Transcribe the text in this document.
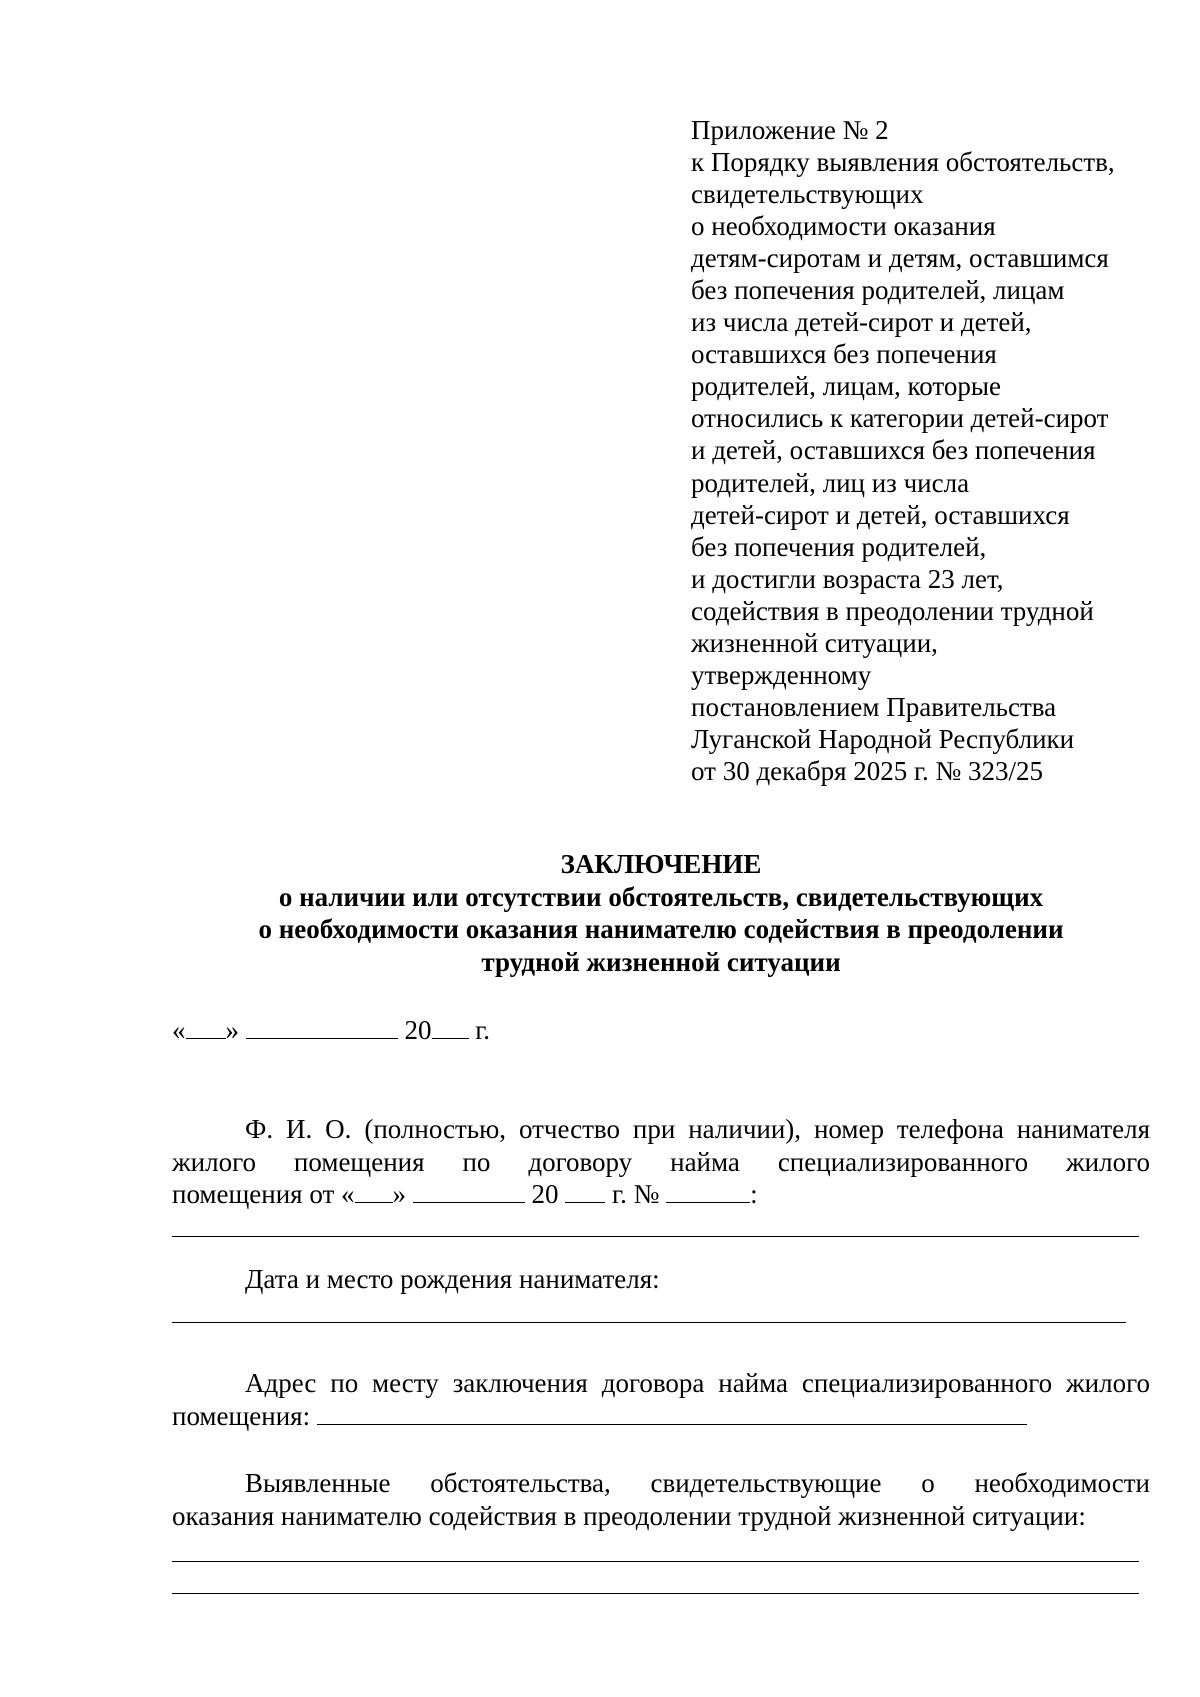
Приложение № 2
к Порядку выявления обстоятельств,
свидетельствующих
о необходимости оказания
детям-сиротам и детям, оставшимся
без попечения родителей, лицам
из числа детей-сирот и детей,
оставшихся без попечения
родителей, лицам, которые
относились к категории детей-сирот
и детей, оставшихся без попечения
родителей, лиц из числа
детей-сирот и детей, оставшихся
без попечения родителей,
и достигли возраста 23 лет,
содействия в преодолении трудной
жизненной ситуации,
утвержденному
постановлением Правительства
Луганской Народной Республики
от 30 декабря 2025 г. № 323/25
ЗАКЛЮЧЕНИЕ
о наличии или отсутствии обстоятельств, свидетельствующих
о необходимости оказания нанимателю содействия в преодолении
трудной жизненной ситуации
« »	20 г.
Ф. И. О. (полностью, отчество при наличии), номер телефона нанимателя
жилого помещения по договору найма специализированного жилого
помещения от « »	20 г. №	:
Дата и место рождения нанимателя:
Адрес по месту заключения договора найма специализированного жилого
помещения:
Выявленные обстоятельства, свидетельствующие о необходимости
оказания нанимателю содействия в преодолении трудной жизненной ситуации:
